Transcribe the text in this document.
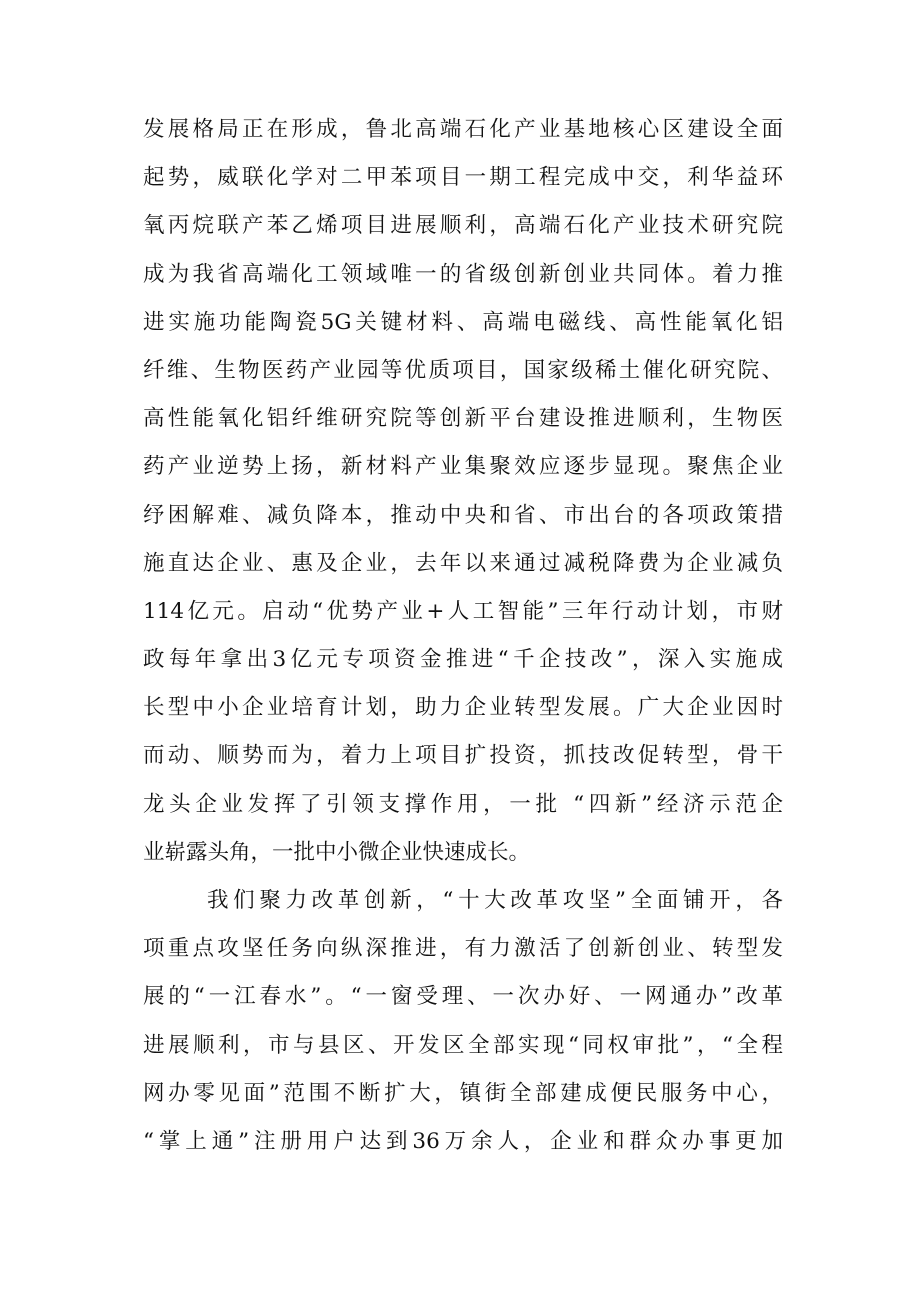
发展格局正在形成，鲁北高端石化产业基地核心区建设全面
起势，威联化学对二甲苯项目一期工程完成中交，利华益环
氧丙烷联产苯乙烯项目进展顺利，高端石化产业技术研究院
成为我省高端化工领域唯一的省级创新创业共同体。着力推
进实施功能陶瓷5G关键材料、高端电磁线、高性能氧化铝
纤维、生物医药产业园等优质项目，国家级稀土催化研究院、
高性能氧化铝纤维研究院等创新平台建设推进顺利，生物医
药产业逆势上扬，新材料产业集聚效应逐步显现。聚焦企业
纾困解难、减负降本，推动中央和省、市出台的各项政策措
施直达企业、惠及企业，去年以来通过减税降费为企业减负
114亿元。启动“优势产业+人工智能”三年行动计划，市财
政每年拿出3亿元专项资金推进“千企技改”，深入实施成
长型中小企业培育计划，助力企业转型发展。广大企业因时
而动、顺势而为，着力上项目扩投资，抓技改促转型，骨干
龙头企业发挥了引领支撑作用，一批 “四新”经济示范企
业崭露头角，一批中小微企业快速成长。
我们聚力改革创新，“十大改革攻坚”全面铺开，各
项重点攻坚任务向纵深推进，有力激活了创新创业、转型发
展的“一江春水”。“一窗受理、一次办好、一网通办”改革
进展顺利，市与县区、开发区全部实现“同权审批”，“全程
网办零见面”范围不断扩大，镇街全部建成便民服务中心，
“掌上通”注册用户达到36万余人，企业和群众办事更加
